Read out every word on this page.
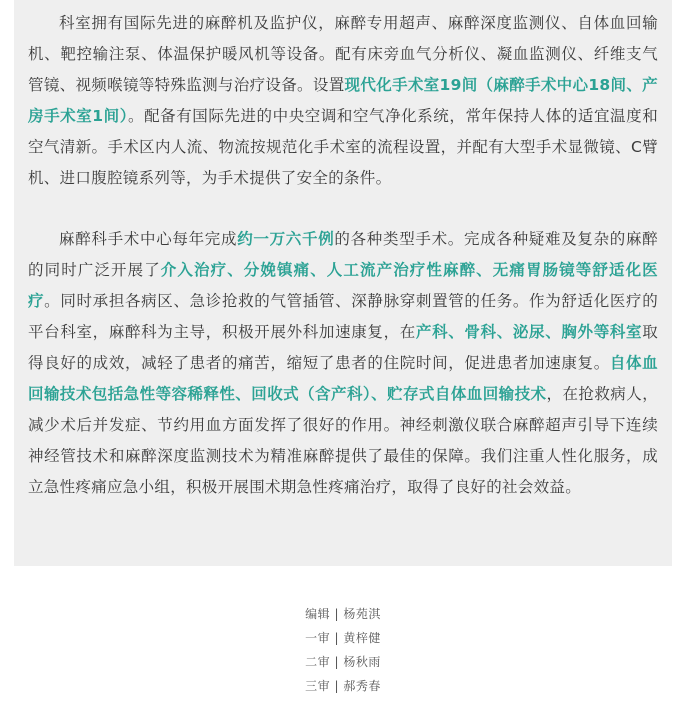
科室拥有国际先进的麻醉机及监护仪，麻醉专用超声、麻醉深度监测仪、自体血回输机、靶控输注泵、体温保护暖风机等设备。配有床旁血气分析仪、凝血监测仪、纤维支气管镜、视频喉镜等特殊监测与治疗设备。设置现代化手术室19间（麻醉手术中心18间、产房手术室1间）。配备有国际先进的中央空调和空气净化系统，常年保持人体的适宜温度和空气清新。手术区内人流、物流按规范化手术室的流程设置，并配有大型手术显微镜、C臂机、进口腹腔镜系列等，为手术提供了安全的条件。

麻醉科手术中心每年完成约一万六千例的各种类型手术。完成各种疑难及复杂的麻醉的同时广泛开展了介入治疗、分娩镇痛、人工流产治疗性麻醉、无痛胃肠镜等舒适化医疗。同时承担各病区、急诊抢救的气管插管、深静脉穿刺置管的任务。作为舒适化医疗的平台科室，麻醉科为主导，积极开展外科加速康复，在产科、骨科、泌尿、胸外等科室取得良好的成效，减轻了患者的痛苦，缩短了患者的住院时间，促进患者加速康复。自体血回输技术包括急性等容稀释性、回收式（含产科）、贮存式自体血回输技术，在抢救病人，减少术后并发症、节约用血方面发挥了很好的作用。神经刺激仪联合麻醉超声引导下连续神经管技术和麻醉深度监测技术为精准麻醉提供了最佳的保障。我们注重人性化服务，成立急性疼痛应急小组，积极开展围术期急性疼痛治疗，取得了良好的社会效益。

编辑 | 杨苑淇
一审 | 黄梓健
二审 | 杨秋雨
三审 | 郝秀春
